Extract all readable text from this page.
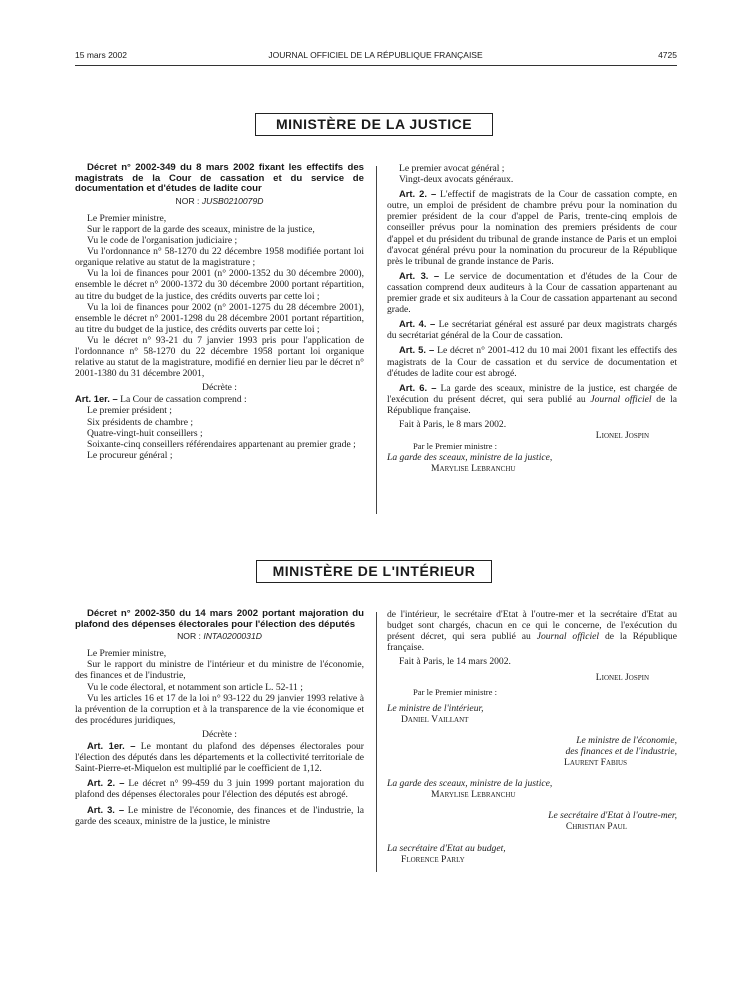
15 mars 2002	JOURNAL OFFICIEL DE LA RÉPUBLIQUE FRANÇAISE	4725
MINISTÈRE DE LA JUSTICE

Décret n° 2002-349 du 8 mars 2002 fixant les effectifs des magistrats de la Cour de cassation et du service de documentation et d'études de ladite cour

NOR : JUSB0210079D

Le Premier ministre,

Sur le rapport de la garde des sceaux, ministre de la justice,

Vu le code de l'organisation judiciaire ;

Vu l'ordonnance n° 58-1270 du 22 décembre 1958 modifiée portant loi organique relative au statut de la magistrature ;

Vu la loi de finances pour 2001 (n° 2000-1352 du 30 décembre 2000), ensemble le décret n° 2000-1372 du 30 décembre 2000 portant répartition, au titre du budget de la justice, des crédits ouverts par cette loi ;

Vu la loi de finances pour 2002 (n° 2001-1275 du 28 décembre 2001), ensemble le décret n° 2001-1298 du 28 décembre 2001 portant répartition, au titre du budget de la justice, des crédits ouverts par cette loi ;

Vu le décret n° 93-21 du 7 janvier 1993 pris pour l'application de l'ordonnance n° 58-1270 du 22 décembre 1958 portant loi organique relative au statut de la magistrature, modifié en dernier lieu par le décret n° 2001-1380 du 31 décembre 2001,

Décrète :

Art. 1er. – La Cour de cassation comprend :

Le premier président ;

Six présidents de chambre ;

Quatre-vingt-huit conseillers ;

Soixante-cinq conseillers référendaires appartenant au premier grade ;

Le procureur général ;

Le premier avocat général ;

Vingt-deux avocats généraux.

Art. 2. – L'effectif de magistrats de la Cour de cassation compte, en outre, un emploi de président de chambre prévu pour la nomination du premier président de la cour d'appel de Paris, trente-cinq emplois de conseiller prévus pour la nomination des premiers présidents de cour d'appel et du président du tribunal de grande instance de Paris et un emploi d'avocat général prévu pour la nomination du procureur de la République près le tribunal de grande instance de Paris.

Art. 3. – Le service de documentation et d'études de la Cour de cassation comprend deux auditeurs à la Cour de cassation appartenant au premier grade et six auditeurs à la Cour de cassation appartenant au second grade.

Art. 4. – Le secrétariat général est assuré par deux magistrats chargés du secrétariat général de la Cour de cassation.

Art. 5. – Le décret n° 2001-412 du 10 mai 2001 fixant les effectifs des magistrats de la Cour de cassation et du service de documentation et d'études de ladite cour est abrogé.

Art. 6. – La garde des sceaux, ministre de la justice, est chargée de l'exécution du présent décret, qui sera publié au Journal officiel de la République française.

Fait à Paris, le 8 mars 2002.

Lionel Jospin

Par le Premier ministre :

La garde des sceaux, ministre de la justice,

Marylise Lebranchu

MINISTÈRE DE L'INTÉRIEUR

Décret n° 2002-350 du 14 mars 2002 portant majoration du plafond des dépenses électorales pour l'élection des députés

NOR : INTA0200031D

Le Premier ministre,

Sur le rapport du ministre de l'intérieur et du ministre de l'économie, des finances et de l'industrie,

Vu le code électoral, et notamment son article L. 52-11 ;

Vu les articles 16 et 17 de la loi n° 93-122 du 29 janvier 1993 relative à la prévention de la corruption et à la transparence de la vie économique et des procédures juridiques,

Décrète :

Art. 1er. – Le montant du plafond des dépenses électorales pour l'élection des députés dans les départements et la collectivité territoriale de Saint-Pierre-et-Miquelon est multiplié par le coefficient de 1,12.

Art. 2. – Le décret n° 99-459 du 3 juin 1999 portant majoration du plafond des dépenses électorales pour l'élection des députés est abrogé.

Art. 3. – Le ministre de l'économie, des finances et de l'industrie, la garde des sceaux, ministre de la justice, le ministre

de l'intérieur, le secrétaire d'Etat à l'outre-mer et la secrétaire d'Etat au budget sont chargés, chacun en ce qui le concerne, de l'exécution du présent décret, qui sera publié au Journal officiel de la République française.

Fait à Paris, le 14 mars 2002.

Lionel Jospin

Par le Premier ministre :

Le ministre de l'intérieur,

Daniel Vaillant

Le ministre de l'économie,

des finances et de l'industrie,

Laurent Fabius

La garde des sceaux, ministre de la justice,

Marylise Lebranchu

Le secrétaire d'Etat à l'outre-mer,

Christian Paul

La secrétaire d'Etat au budget,

Florence Parly
